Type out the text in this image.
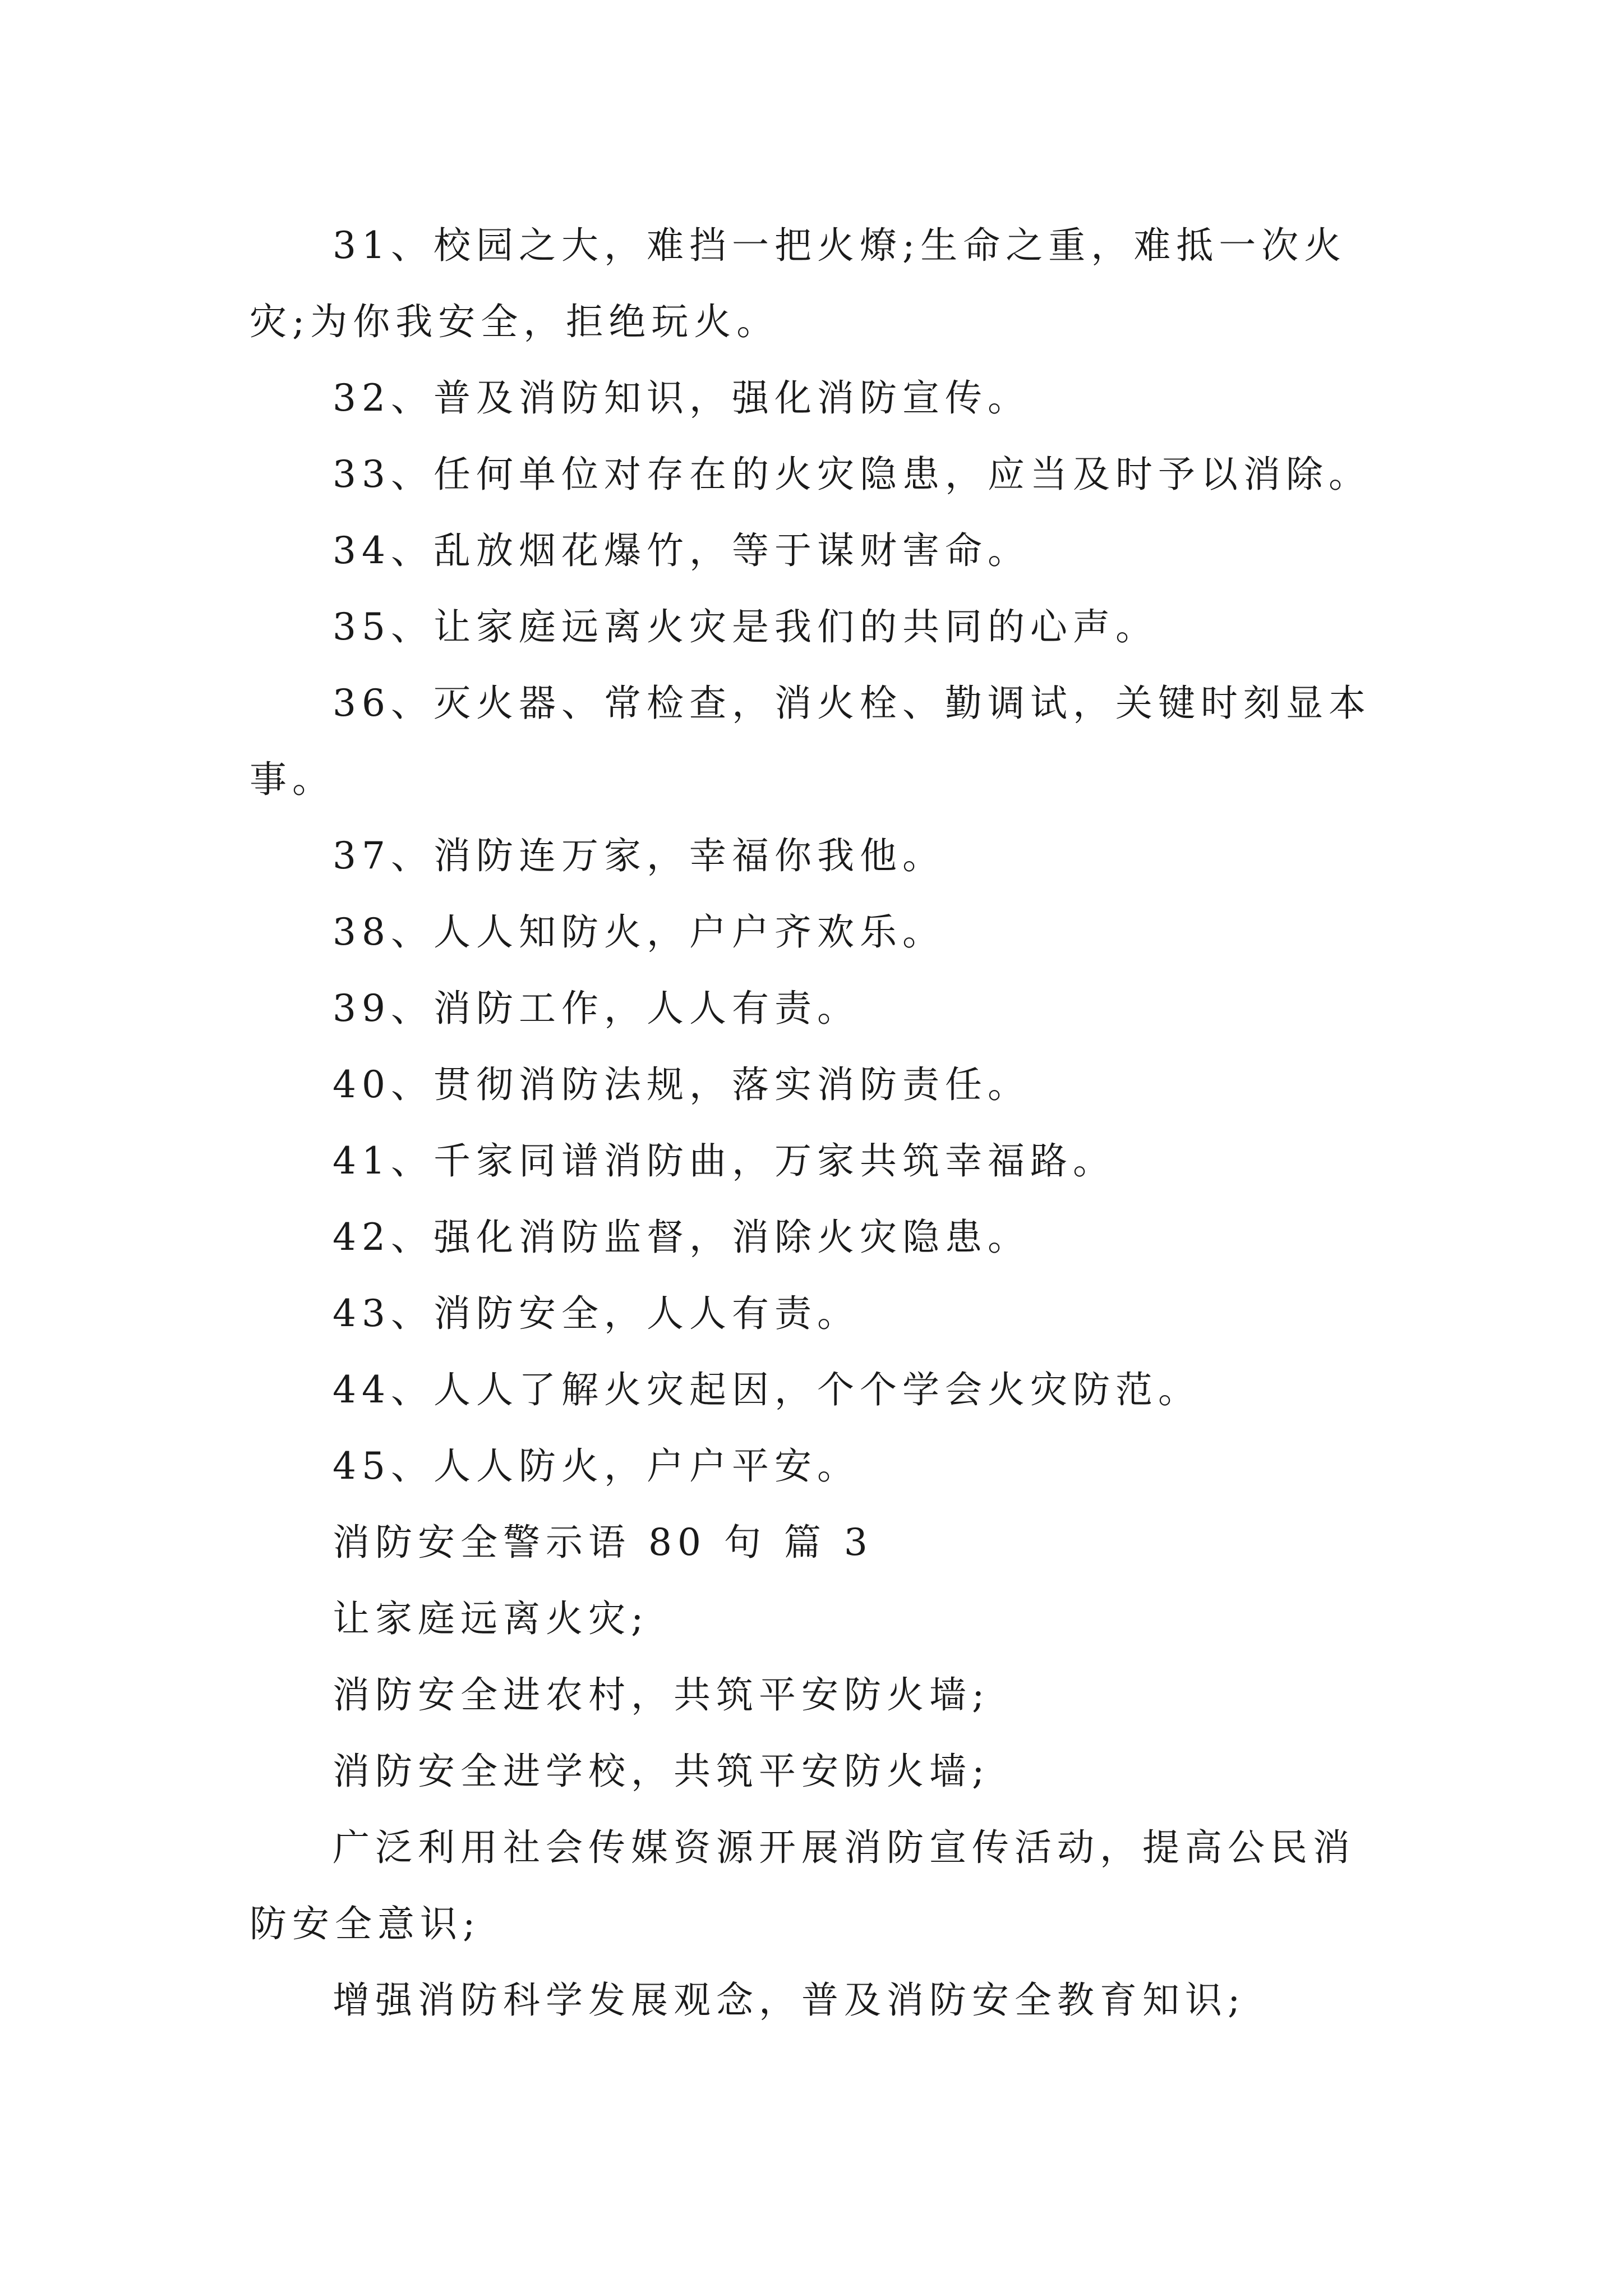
31、校园之大，难挡一把火燎;生命之重，难抵一次火灾;为你我安全，拒绝玩火。

32、普及消防知识，强化消防宣传。

33、任何单位对存在的火灾隐患，应当及时予以消除。

34、乱放烟花爆竹，等于谋财害命。

35、让家庭远离火灾是我们的共同的心声。

36、灭火器、常检查，消火栓、勤调试，关键时刻显本事。

37、消防连万家，幸福你我他。

38、人人知防火，户户齐欢乐。

39、消防工作，人人有责。

40、贯彻消防法规，落实消防责任。

41、千家同谱消防曲，万家共筑幸福路。

42、强化消防监督，消除火灾隐患。

43、消防安全，人人有责。

44、人人了解火灾起因，个个学会火灾防范。

45、人人防火，户户平安。

消防安全警示语 80 句 篇 3

让家庭远离火灾;

消防安全进农村，共筑平安防火墙;

消防安全进学校，共筑平安防火墙;

广泛利用社会传媒资源开展消防宣传活动，提高公民消防安全意识;

增强消防科学发展观念，普及消防安全教育知识;
